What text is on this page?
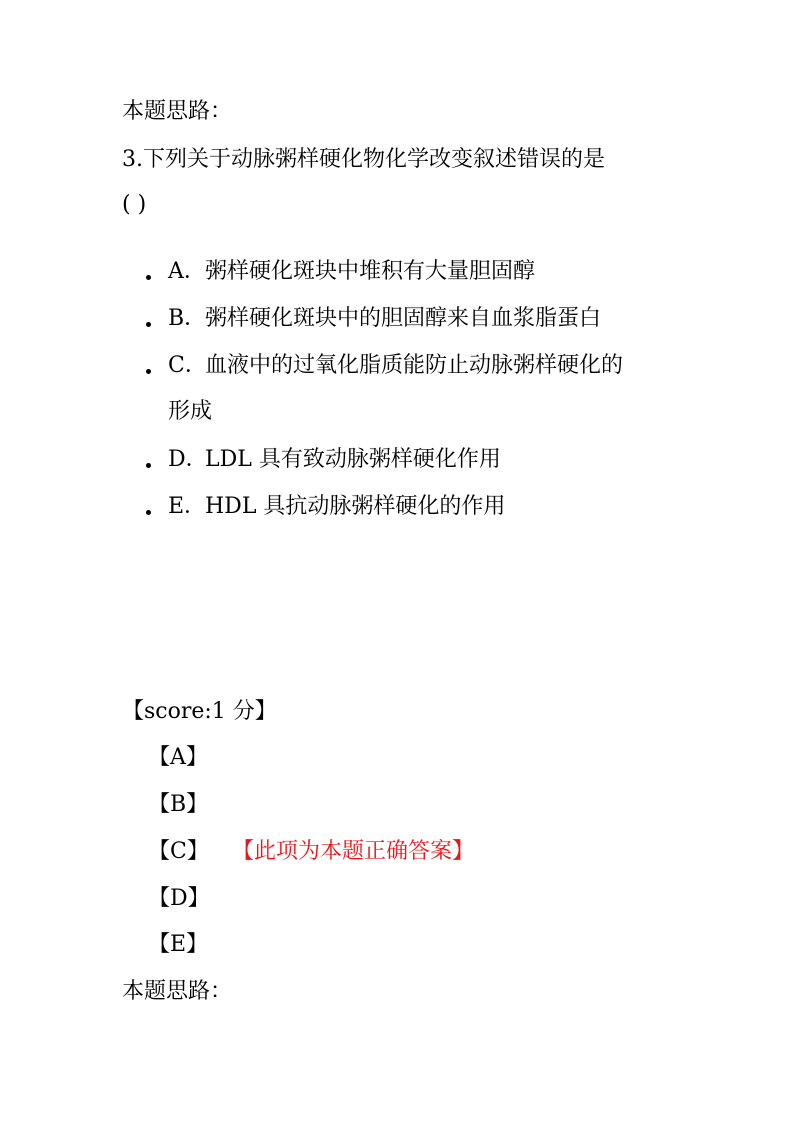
本题思路：
3.下列关于动脉粥样硬化物化学改变叙述错误的是
( )
A． 粥样硬化斑块中堆积有大量胆固醇
B．
粥样硬化斑块中的胆固醇来自血浆脂蛋白
C．
血液中的过氧化脂质能防止动脉粥样硬化的
形成
D．
LDL 具有致动脉粥样硬化作用
E．
HDL 具抗动脉粥样硬化的作用
【score:1 分】
【A】
【B】
【C】 【此项为本题正确答案】
【D】
【E】
本题思路：
